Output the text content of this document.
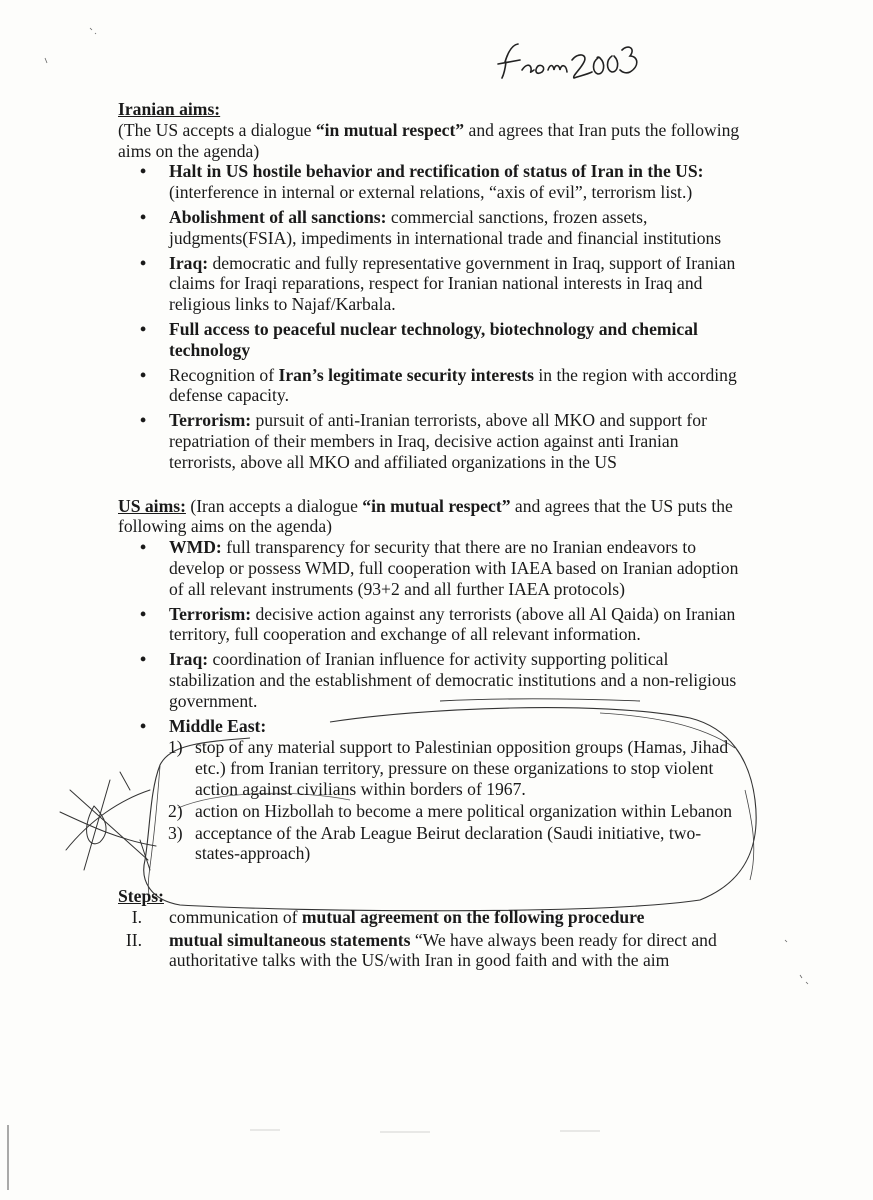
Iranian aims:

(The US accepts a dialogue “in mutual respect” and agrees that Iran puts the following aims on the agenda)

• Halt in US hostile behavior and rectification of status of Iran in the US: (interference in internal or external relations, “axis of evil”, terrorism list.)
• Abolishment of all sanctions: commercial sanctions, frozen assets, judgments(FSIA), impediments in international trade and financial institutions
• Iraq: democratic and fully representative government in Iraq, support of Iranian claims for Iraqi reparations, respect for Iranian national interests in Iraq and religious links to Najaf/Karbala.
• Full access to peaceful nuclear technology, biotechnology and chemical technology
• Recognition of Iran’s legitimate security interests in the region with according defense capacity.
• Terrorism: pursuit of anti-Iranian terrorists, above all MKO and support for repatriation of their members in Iraq, decisive action against anti Iranian terrorists, above all MKO and affiliated organizations in the US

US aims: (Iran accepts a dialogue “in mutual respect” and agrees that the US puts the following aims on the agenda)

• WMD: full transparency for security that there are no Iranian endeavors to develop or possess WMD, full cooperation with IAEA based on Iranian adoption of all relevant instruments (93+2 and all further IAEA protocols)
• Terrorism: decisive action against any terrorists (above all Al Qaida) on Iranian territory, full cooperation and exchange of all relevant information.
• Iraq: coordination of Iranian influence for activity supporting political stabilization and the establishment of democratic institutions and a non-religious government.
• Middle East:
1) stop of any material support to Palestinian opposition groups (Hamas, Jihad etc.) from Iranian territory, pressure on these organizations to stop violent action against civilians within borders of 1967.
2) action on Hizbollah to become a mere political organization within Lebanon
3) acceptance of the Arab League Beirut declaration (Saudi initiative, two-states-approach)
Steps:
I. communication of mutual agreement on the following procedure
II. mutual simultaneous statements “We have always been ready for direct and authoritative talks with the US/with Iran in good faith and with the aim
